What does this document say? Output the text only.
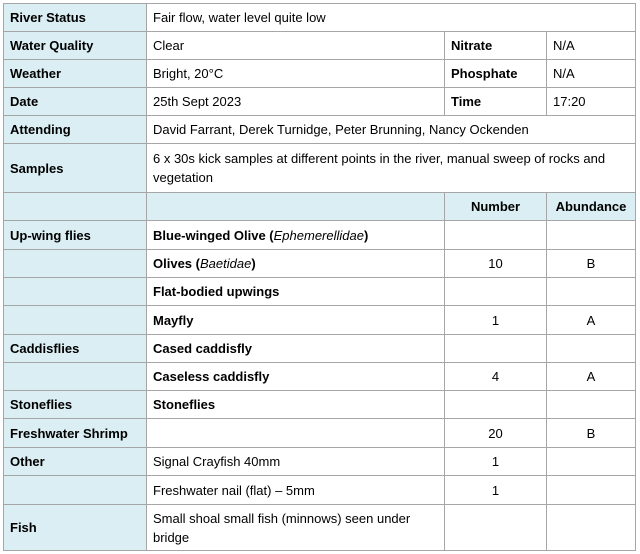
River Status	Fair flow, water level quite low		
Water Quality	Clear	Nitrate	N/A
Weather	Bright, 20°C	Phosphate	N/A
Date	25th Sept 2023	Time	17:20
Attending	David Farrant, Derek Turnidge, Peter Brunning, Nancy Ockenden		
Samples	6 x 30s kick samples at different points in the river, manual sweep of rocks and vegetation		
		Number	Abundance
Up-wing flies	Blue-winged Olive (Ephemerellidae)		
	Olives (Baetidae)	10	B
	Flat-bodied upwings		
	Mayfly	1	A
Caddisflies	Cased caddisfly		
	Caseless caddisfly	4	A
Stoneflies	Stoneflies		
Freshwater Shrimp		20	B
Other	Signal Crayfish 40mm	1	
	Freshwater nail (flat) – 5mm	1	
Fish	Small shoal small fish (minnows) seen under bridge		
